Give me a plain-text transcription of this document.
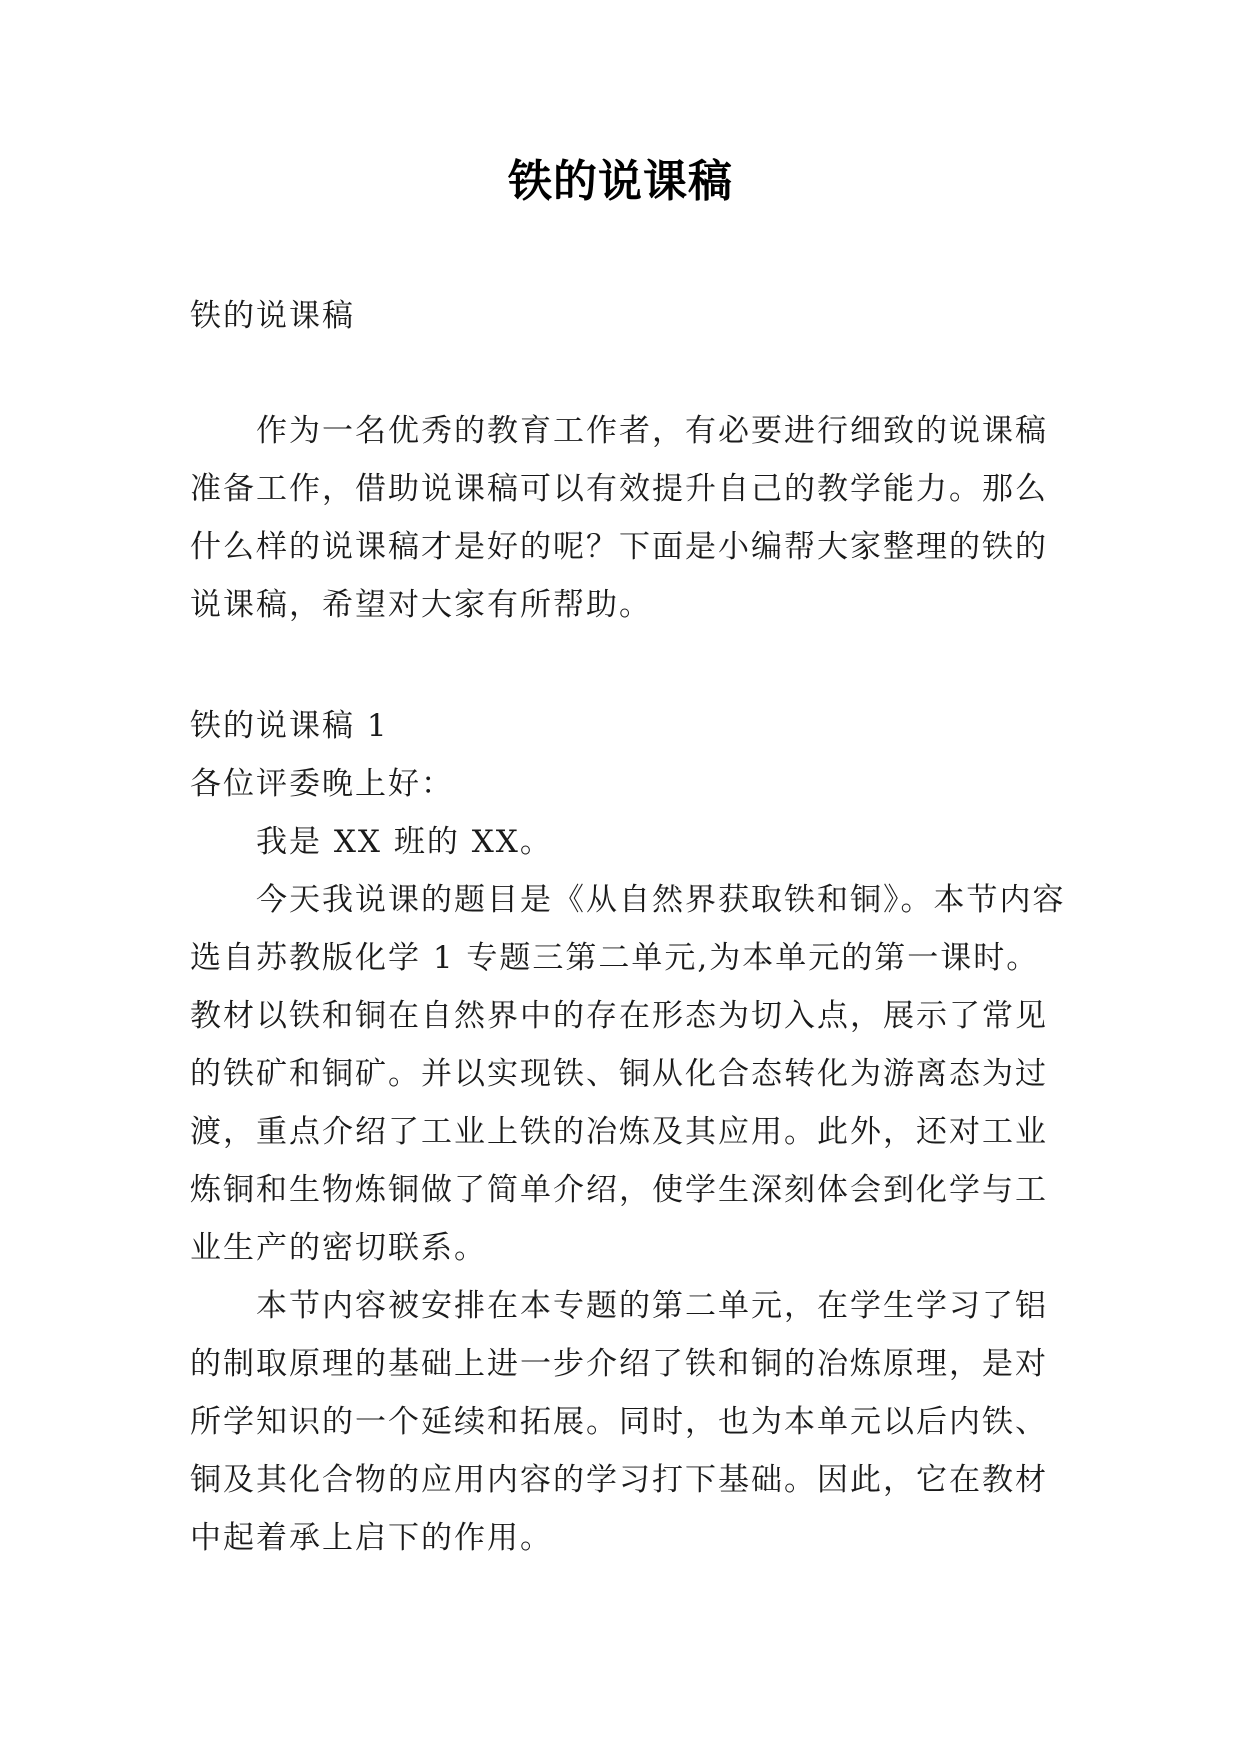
铁的说课稿
铁的说课稿

作为一名优秀的教育工作者，有必要进行细致的说课稿准备工作，借助说课稿可以有效提升自己的教学能力。那么什么样的说课稿才是好的呢？下面是小编帮大家整理的铁的说课稿，希望对大家有所帮助。

铁的说课稿 1

各位评委晚上好：

我是 XX 班的 XX。

今天我说课的题目是《从自然界获取铁和铜》。本节内容选自苏教版化学 1 专题三第二单元,为本单元的第一课时。教材以铁和铜在自然界中的存在形态为切入点，展示了常见的铁矿和铜矿。并以实现铁、铜从化合态转化为游离态为过渡，重点介绍了工业上铁的冶炼及其应用。此外，还对工业炼铜和生物炼铜做了简单介绍，使学生深刻体会到化学与工业生产的密切联系。

本节内容被安排在本专题的第二单元，在学生学习了铝的制取原理的基础上进一步介绍了铁和铜的冶炼原理，是对所学知识的一个延续和拓展。同时，也为本单元以后内铁、铜及其化合物的应用内容的学习打下基础。因此，它在教材中起着承上启下的作用。
